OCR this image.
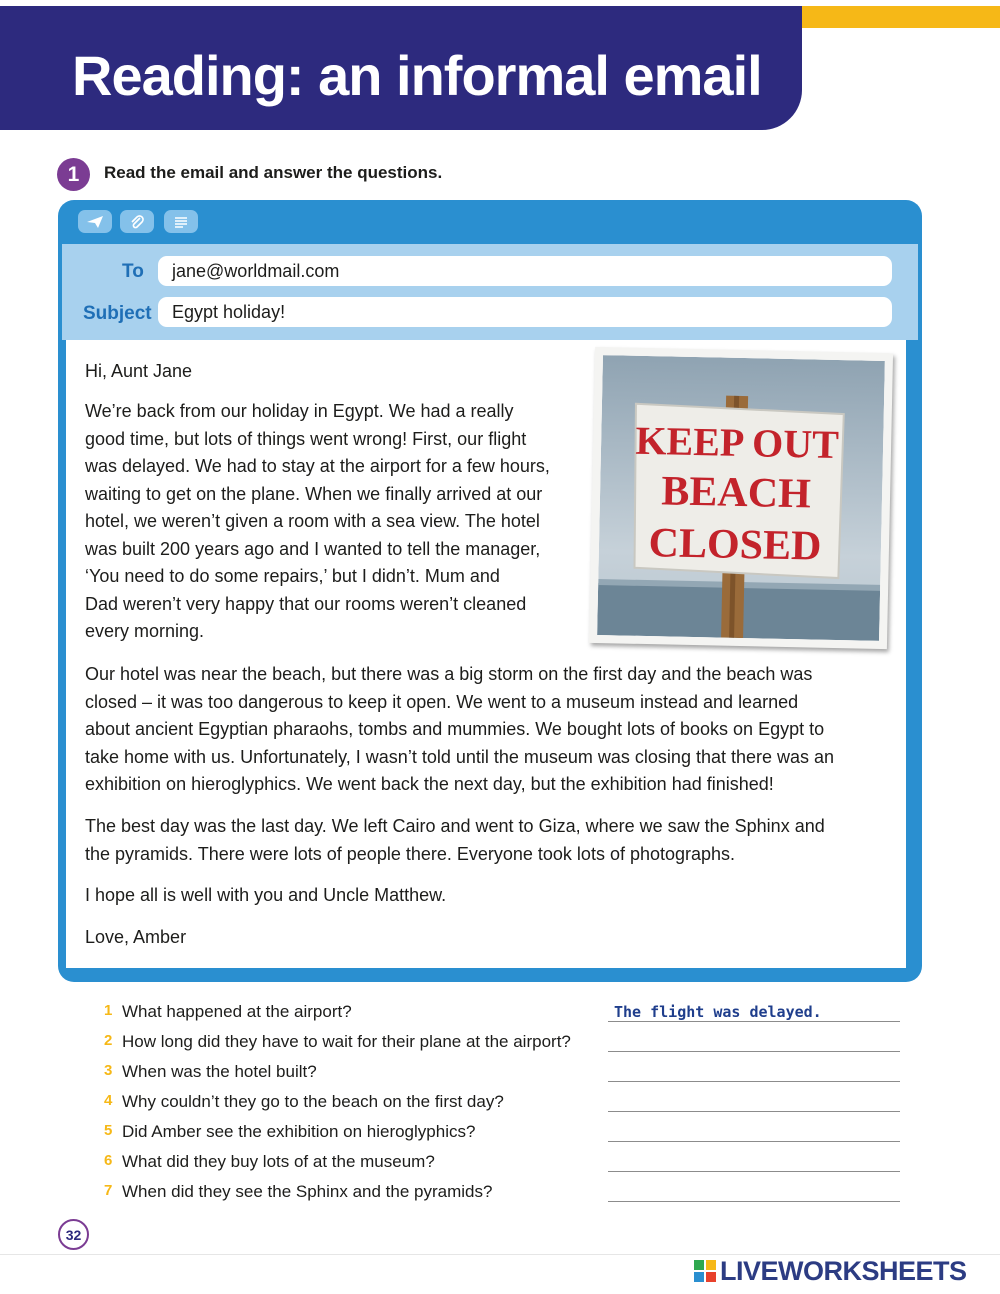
Reading: an informal email
1	Read the email and answer the questions.
To	jane@worldmail.com
Subject	Egypt holiday!
Hi, Aunt Jane
We’re back from our holiday in Egypt. We had a really
good time, but lots of things went wrong! First, our flight
was delayed. We had to stay at the airport for a few hours,
waiting to get on the plane. When we finally arrived at our
hotel, we weren’t given a room with a sea view. The hotel
was built 200 years ago and I wanted to tell the manager,
‘You need to do some repairs,’ but I didn’t. Mum and
Dad weren’t very happy that our rooms weren’t cleaned
every morning.
Our hotel was near the beach, but there was a big storm on the first day and the beach was
closed – it was too dangerous to keep it open. We went to a museum instead and learned
about ancient Egyptian pharaohs, tombs and mummies. We bought lots of books on Egypt to
take home with us. Unfortunately, I wasn’t told until the museum was closing that there was an
exhibition on hieroglyphics. We went back the next day, but the exhibition had finished!
The best day was the last day. We left Cairo and went to Giza, where we saw the Sphinx and
the pyramids. There were lots of people there. Everyone took lots of photographs.
I hope all is well with you and Uncle Matthew.
Love, Amber
KEEP OUT
BEACH
CLOSED
1 What happened at the airport?	The flight was delayed.
2 How long did they have to wait for their plane at the airport?
3 When was the hotel built?
4 Why couldn’t they go to the beach on the first day?
5 Did Amber see the exhibition on hieroglyphics?
6 What did they buy lots of at the museum?
7 When did they see the Sphinx and the pyramids?
32
LIVEWORKSHEETS
